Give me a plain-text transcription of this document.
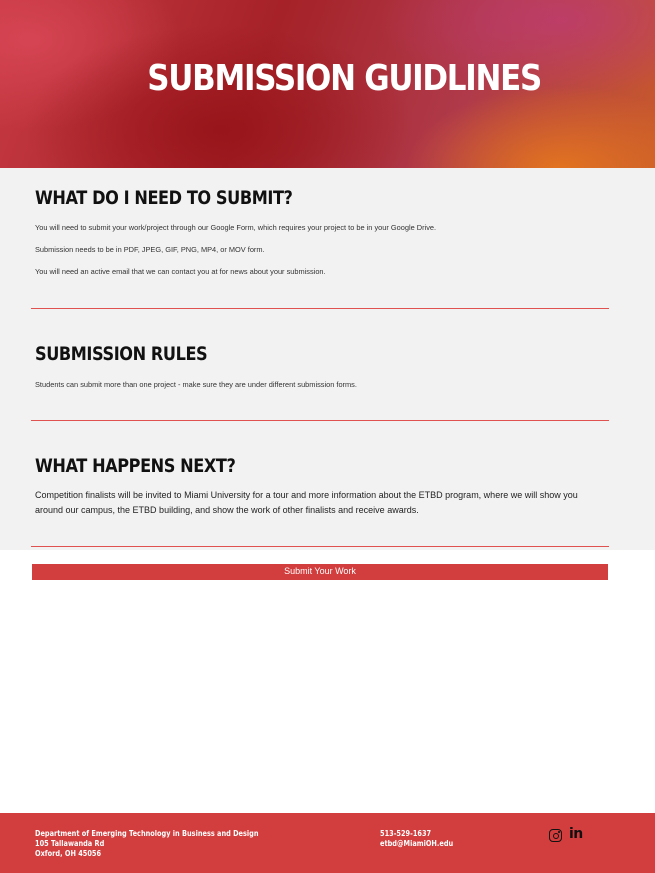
SUBMISSION GUIDLINES
WHAT DO I NEED TO SUBMIT?

You will need to submit your work/project through our Google Form, which requires your project to be in your Google Drive.

Submission needs to be in PDF, JPEG, GIF, PNG, MP4, or MOV form.

You will need an active email that we can contact you at for news about your submission.

SUBMISSION RULES

Students can submit more than one project - make sure they are under different submission forms.

WHAT HAPPENS NEXT?

Competition finalists will be invited to Miami University for a tour and more information about the ETBD program, where we will show you around our campus, the ETBD building, and show the work of other finalists and receive awards.

Submit Your Work
Department of Emerging Technology in Business and Design
105 Tallawanda Rd
Oxford, OH 45056
513-529-1637
etbd@MiamiOH.edu
in
